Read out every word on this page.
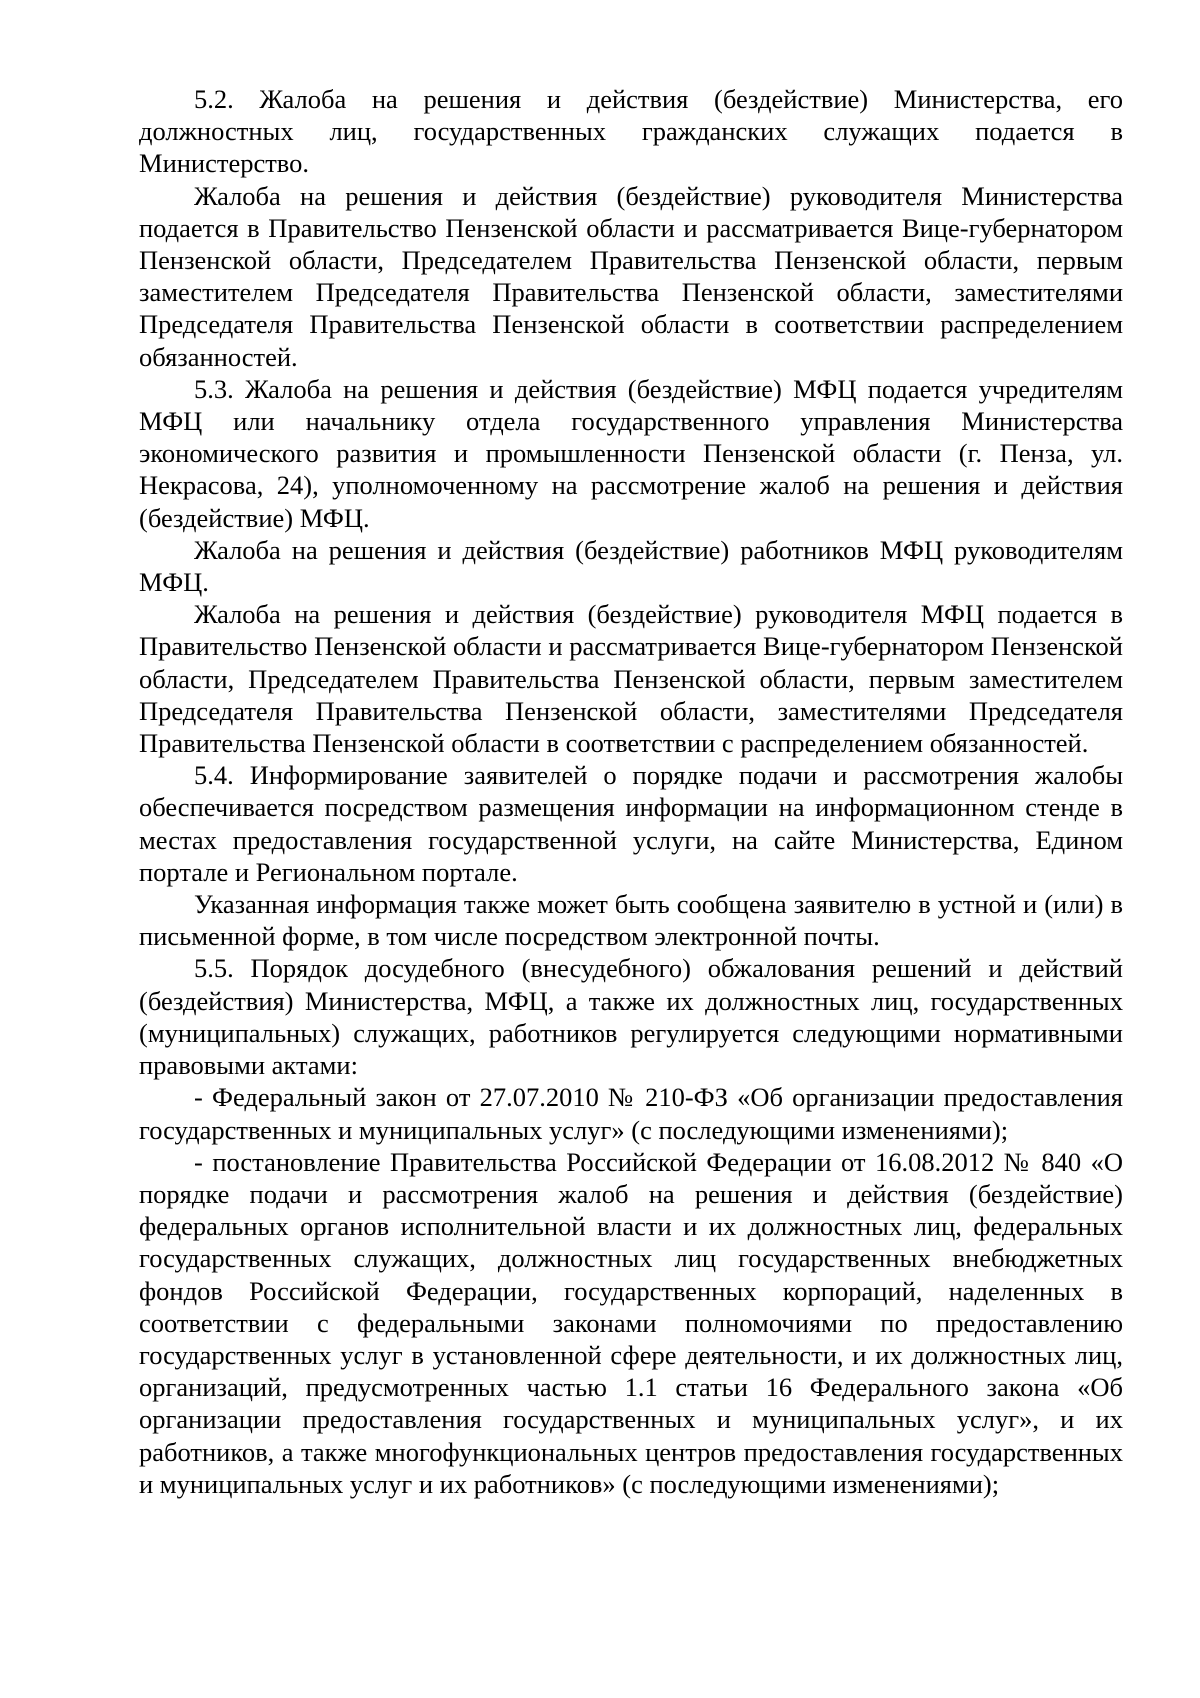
5.2. Жалоба на решения и действия (бездействие) Министерства, его должностных лиц, государственных гражданских служащих подается в Министерство.

Жалоба на решения и действия (бездействие) руководителя Министерства подается в Правительство Пензенской области и рассматривается Вице-губернатором Пензенской области, Председателем Правительства Пензенской области, первым заместителем Председателя Правительства Пензенской области, заместителями Председателя Правительства Пензенской области в соответствии распределением обязанностей.

5.3. Жалоба на решения и действия (бездействие) МФЦ подается учредителям МФЦ или начальнику отдела государственного управления Министерства экономического развития и промышленности Пензенской области (г. Пенза, ул. Некрасова, 24), уполномоченному на рассмотрение жалоб на решения и действия (бездействие) МФЦ.

Жалоба на решения и действия (бездействие) работников МФЦ руководителям МФЦ.

Жалоба на решения и действия (бездействие) руководителя МФЦ подается в Правительство Пензенской области и рассматривается Вице-губернатором Пензенской области, Председателем Правительства Пензенской области, первым заместителем Председателя Правительства Пензенской области, заместителями Председателя Правительства Пензенской области в соответствии с распределением обязанностей.

5.4. Информирование заявителей о порядке подачи и рассмотрения жалобы обеспечивается посредством размещения информации на информационном стенде в местах предоставления государственной услуги, на сайте Министерства, Едином портале и Региональном портале.

Указанная информация также может быть сообщена заявителю в устной и (или) в письменной форме, в том числе посредством электронной почты.

5.5. Порядок досудебного (внесудебного) обжалования решений и действий (бездействия) Министерства, МФЦ, а также их должностных лиц, государственных (муниципальных) служащих, работников регулируется следующими нормативными правовыми актами:

- Федеральный закон от 27.07.2010 № 210-ФЗ «Об организации предоставления государственных и муниципальных услуг» (с последующими изменениями);

- постановление Правительства Российской Федерации от 16.08.2012 № 840 «О порядке подачи и рассмотрения жалоб на решения и действия (бездействие) федеральных органов исполнительной власти и их должностных лиц, федеральных государственных служащих, должностных лиц государственных внебюджетных фондов Российской Федерации, государственных корпораций, наделенных в соответствии с федеральными законами полномочиями по предоставлению государственных услуг в установленной сфере деятельности, и их должностных лиц, организаций, предусмотренных частью 1.1 статьи 16 Федерального закона «Об организации предоставления государственных и муниципальных услуг», и их работников, а также многофункциональных центров предоставления государственных и муниципальных услуг и их работников» (с последующими изменениями);
